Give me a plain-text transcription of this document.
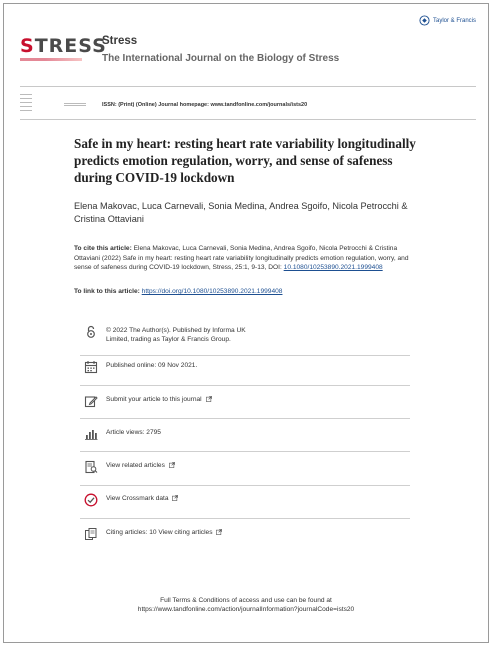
STRESS
Stress
The International Journal on the Biology of Stress
Taylor & Francis
ISSN: (Print) (Online) Journal homepage: www.tandfonline.com/journals/ists20
Safe in my heart: resting heart rate variability longitudinally predicts emotion regulation, worry, and sense of safeness during COVID-19 lockdown
Elena Makovac, Luca Carnevali, Sonia Medina, Andrea Sgoifo, Nicola Petrocchi & Cristina Ottaviani
To cite this article: Elena Makovac, Luca Carnevali, Sonia Medina, Andrea Sgoifo, Nicola Petrocchi & Cristina Ottaviani (2022) Safe in my heart: resting heart rate variability longitudinally predicts emotion regulation, worry, and sense of safeness during COVID-19 lockdown, Stress, 25:1, 9-13, DOI: 10.1080/10253890.2021.1999408
To link to this article: https://doi.org/10.1080/10253890.2021.1999408
© 2022 The Author(s). Published by Informa UK Limited, trading as Taylor & Francis Group.
Published online: 09 Nov 2021.
Submit your article to this journal
Article views: 2795
View related articles
View Crossmark data
Citing articles: 10 View citing articles
Full Terms & Conditions of access and use can be found at
https://www.tandfonline.com/action/journalInformation?journalCode=ists20
